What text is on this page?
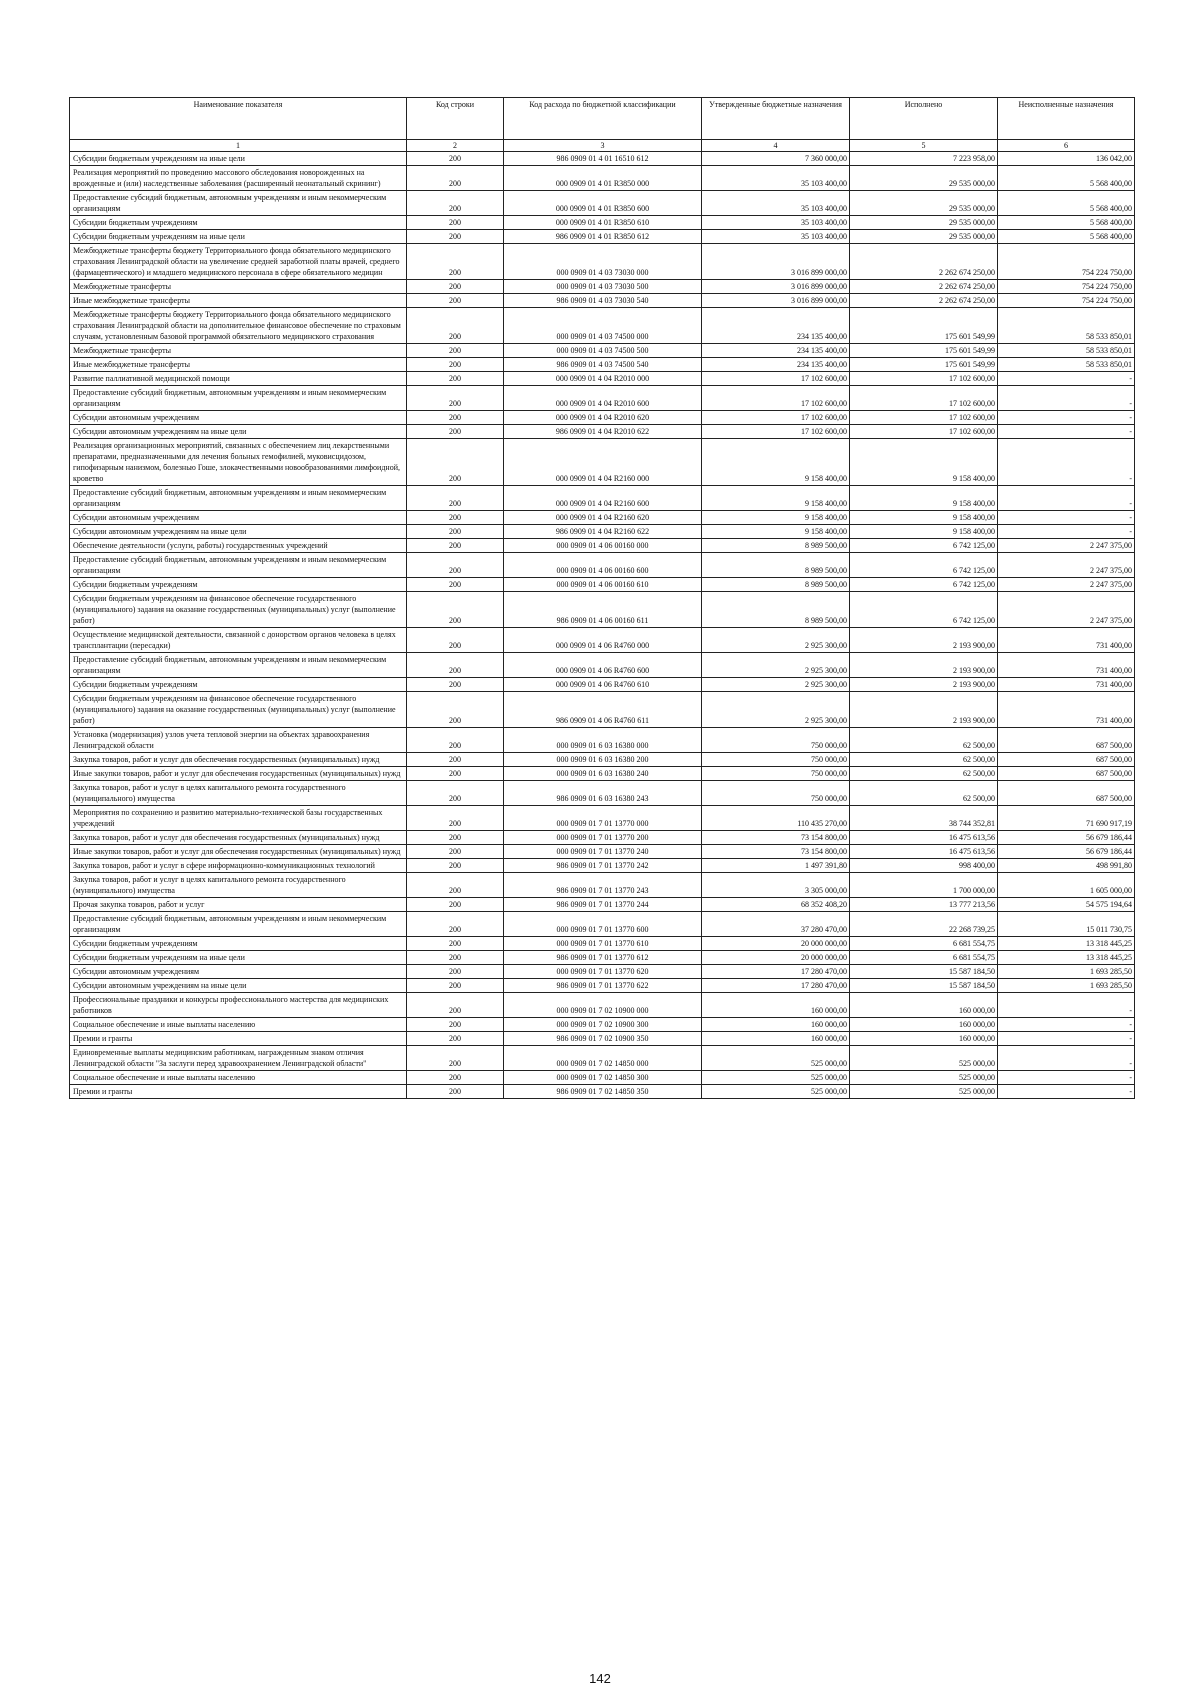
Наименование показателя	Код строки	Код расхода по бюджетной классификации	Утвержденные бюджетные назначения	Исполнено	Неисполненные назначения
1	2	3	4	5	6
Субсидии бюджетным учреждениям на иные цели	200	986 0909 01 4 01 16510 612	7 360 000,00	7 223 958,00	136 042,00
Реализация мероприятий по проведению массового обследования новорожденных на врожденные и (или) наследственные заболевания (расширенный неонатальный скрининг)	200	000 0909 01 4 01 R3850 000	35 103 400,00	29 535 000,00	5 568 400,00
Предоставление субсидий бюджетным, автономным учреждениям и иным некоммерческим организациям	200	000 0909 01 4 01 R3850 600	35 103 400,00	29 535 000,00	5 568 400,00
Субсидии бюджетным учреждениям	200	000 0909 01 4 01 R3850 610	35 103 400,00	29 535 000,00	5 568 400,00
Субсидии бюджетным учреждениям на иные цели	200	986 0909 01 4 01 R3850 612	35 103 400,00	29 535 000,00	5 568 400,00
Межбюджетные трансферты бюджету Территориального фонда обязательного медицинского страхования Ленинградской области на увеличение средней заработной платы врачей, среднего (фармацевтического) и младшего медицинского персонала в сфере обязательного медицин	200	000 0909 01 4 03 73030 000	3 016 899 000,00	2 262 674 250,00	754 224 750,00
Межбюджетные трансферты	200	000 0909 01 4 03 73030 500	3 016 899 000,00	2 262 674 250,00	754 224 750,00
Иные межбюджетные трансферты	200	986 0909 01 4 03 73030 540	3 016 899 000,00	2 262 674 250,00	754 224 750,00
Межбюджетные трансферты бюджету Территориального фонда обязательного медицинского страхования Ленинградской области на дополнительное финансовое обеспечение по страховым случаям, установленным базовой программой обязательного медицинского страхования	200	000 0909 01 4 03 74500 000	234 135 400,00	175 601 549,99	58 533 850,01
Межбюджетные трансферты	200	000 0909 01 4 03 74500 500	234 135 400,00	175 601 549,99	58 533 850,01
Иные межбюджетные трансферты	200	986 0909 01 4 03 74500 540	234 135 400,00	175 601 549,99	58 533 850,01
Развитие паллиативной медицинской помощи	200	000 0909 01 4 04 R2010 000	17 102 600,00	17 102 600,00	-
Предоставление субсидий бюджетным, автономным учреждениям и иным некоммерческим организациям	200	000 0909 01 4 04 R2010 600	17 102 600,00	17 102 600,00	-
Субсидии автономным учреждениям	200	000 0909 01 4 04 R2010 620	17 102 600,00	17 102 600,00	-
Субсидии автономным учреждениям на иные цели	200	986 0909 01 4 04 R2010 622	17 102 600,00	17 102 600,00	-
Реализация организационных мероприятий, связанных с обеспечением лиц лекарственными препаратами, предназначенными для лечения больных гемофилией, муковисцидозом, гипофизарным нанизмом, болезнью Гоше, злокачественными новообразованиями лимфоидной, кроветво	200	000 0909 01 4 04 R2160 000	9 158 400,00	9 158 400,00	-
Предоставление субсидий бюджетным, автономным учреждениям и иным некоммерческим организациям	200	000 0909 01 4 04 R2160 600	9 158 400,00	9 158 400,00	-
Субсидии автономным учреждениям	200	000 0909 01 4 04 R2160 620	9 158 400,00	9 158 400,00	-
Субсидии автономным учреждениям на иные цели	200	986 0909 01 4 04 R2160 622	9 158 400,00	9 158 400,00	-
Обеспечение деятельности (услуги, работы) государственных учреждений	200	000 0909 01 4 06 00160 000	8 989 500,00	6 742 125,00	2 247 375,00
Предоставление субсидий бюджетным, автономным учреждениям и иным некоммерческим организациям	200	000 0909 01 4 06 00160 600	8 989 500,00	6 742 125,00	2 247 375,00
Субсидии бюджетным учреждениям	200	000 0909 01 4 06 00160 610	8 989 500,00	6 742 125,00	2 247 375,00
Субсидии бюджетным учреждениям на финансовое обеспечение государственного (муниципального) задания на оказание государственных (муниципальных) услуг (выполнение работ)	200	986 0909 01 4 06 00160 611	8 989 500,00	6 742 125,00	2 247 375,00
Осуществление медицинской деятельности, связанной с донорством органов человека в целях трансплантации (пересадки)	200	000 0909 01 4 06 R4760 000	2 925 300,00	2 193 900,00	731 400,00
Предоставление субсидий бюджетным, автономным учреждениям и иным некоммерческим организациям	200	000 0909 01 4 06 R4760 600	2 925 300,00	2 193 900,00	731 400,00
Субсидии бюджетным учреждениям	200	000 0909 01 4 06 R4760 610	2 925 300,00	2 193 900,00	731 400,00
Субсидии бюджетным учреждениям на финансовое обеспечение государственного (муниципального) задания на оказание государственных (муниципальных) услуг (выполнение работ)	200	986 0909 01 4 06 R4760 611	2 925 300,00	2 193 900,00	731 400,00
Установка (модернизация) узлов учета тепловой энергии на объектах здравоохранения Ленинградской области	200	000 0909 01 6 03 16380 000	750 000,00	62 500,00	687 500,00
Закупка товаров, работ и услуг для обеспечения государственных (муниципальных) нужд	200	000 0909 01 6 03 16380 200	750 000,00	62 500,00	687 500,00
Иные закупки товаров, работ и услуг для обеспечения государственных (муниципальных) нужд	200	000 0909 01 6 03 16380 240	750 000,00	62 500,00	687 500,00
Закупка товаров, работ и услуг в целях капитального ремонта государственного (муниципального) имущества	200	986 0909 01 6 03 16380 243	750 000,00	62 500,00	687 500,00
Мероприятия по сохранению и развитию материально-технической базы государственных учреждений	200	000 0909 01 7 01 13770 000	110 435 270,00	38 744 352,81	71 690 917,19
Закупка товаров, работ и услуг для обеспечения государственных (муниципальных) нужд	200	000 0909 01 7 01 13770 200	73 154 800,00	16 475 613,56	56 679 186,44
Иные закупки товаров, работ и услуг для обеспечения государственных (муниципальных) нужд	200	000 0909 01 7 01 13770 240	73 154 800,00	16 475 613,56	56 679 186,44
Закупка товаров, работ и услуг в сфере информационно-коммуникационных технологий	200	986 0909 01 7 01 13770 242	1 497 391,80	998 400,00	498 991,80
Закупка товаров, работ и услуг в целях капитального ремонта государственного (муниципального) имущества	200	986 0909 01 7 01 13770 243	3 305 000,00	1 700 000,00	1 605 000,00
Прочая закупка товаров, работ и услуг	200	986 0909 01 7 01 13770 244	68 352 408,20	13 777 213,56	54 575 194,64
Предоставление субсидий бюджетным, автономным учреждениям и иным некоммерческим организациям	200	000 0909 01 7 01 13770 600	37 280 470,00	22 268 739,25	15 011 730,75
Субсидии бюджетным учреждениям	200	000 0909 01 7 01 13770 610	20 000 000,00	6 681 554,75	13 318 445,25
Субсидии бюджетным учреждениям на иные цели	200	986 0909 01 7 01 13770 612	20 000 000,00	6 681 554,75	13 318 445,25
Субсидии автономным учреждениям	200	000 0909 01 7 01 13770 620	17 280 470,00	15 587 184,50	1 693 285,50
Субсидии автономным учреждениям на иные цели	200	986 0909 01 7 01 13770 622	17 280 470,00	15 587 184,50	1 693 285,50
Профессиональные праздники и конкурсы профессионального мастерства для медицинских работников	200	000 0909 01 7 02 10900 000	160 000,00	160 000,00	-
Социальное обеспечение и иные выплаты населению	200	000 0909 01 7 02 10900 300	160 000,00	160 000,00	-
Премии и гранты	200	986 0909 01 7 02 10900 350	160 000,00	160 000,00	-
Единовременные выплаты медицинским работникам, награжденным знаком отличия Ленинградской области "За заслуги перед здравоохранением Ленинградской области"	200	000 0909 01 7 02 14850 000	525 000,00	525 000,00	-
Социальное обеспечение и иные выплаты населению	200	000 0909 01 7 02 14850 300	525 000,00	525 000,00	-
Премии и гранты	200	986 0909 01 7 02 14850 350	525 000,00	525 000,00	-
142
